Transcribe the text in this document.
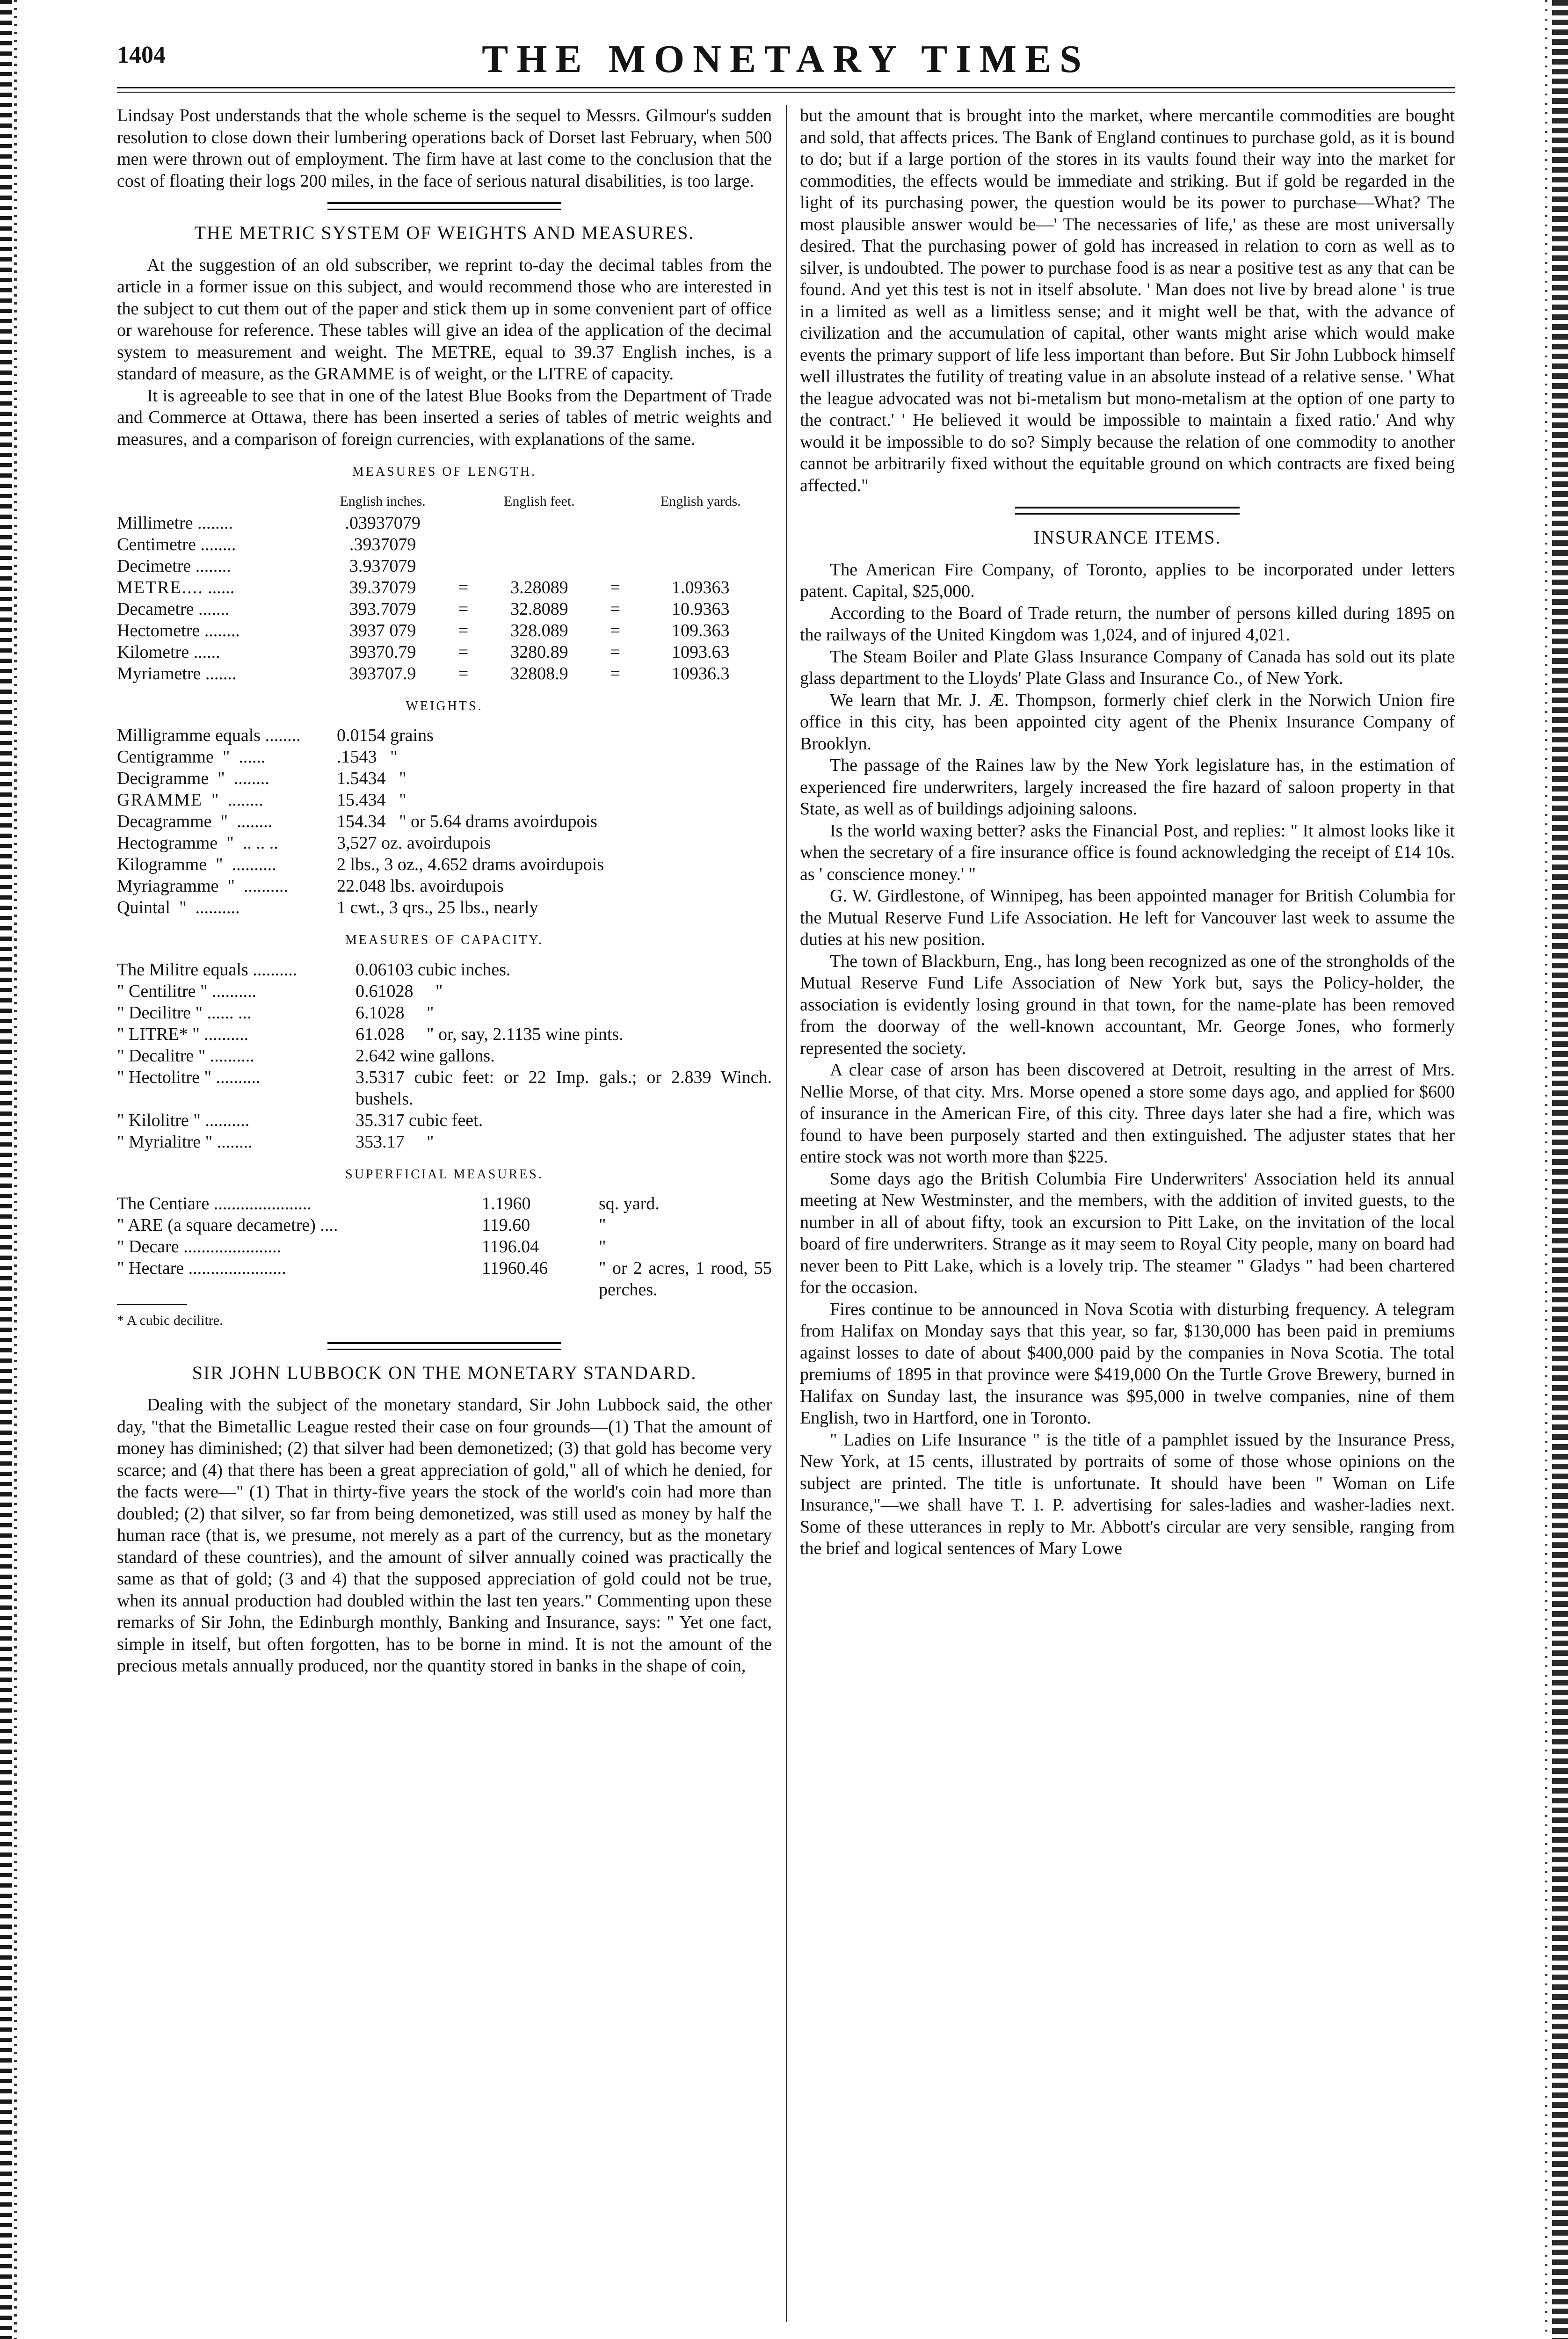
1404	THE MONETARY TIMES

Lindsay Post understands that the whole scheme is the sequel to Messrs. Gilmour's sudden resolution to close down their lumbering operations back of Dorset last February, when 500 men were thrown out of employment. The firm have at last come to the conclusion that the cost of floating their logs 200 miles, in the face of serious natural disabilities, is too large.

THE METRIC SYSTEM OF WEIGHTS AND MEASURES.

At the suggestion of an old subscriber, we reprint to-day the decimal tables from the article in a former issue on this subject, and would recommend those who are interested in the subject to cut them out of the paper and stick them up in some convenient part of office or warehouse for reference. These tables will give an idea of the application of the decimal system to measurement and weight. The METRE, equal to 39.37 English inches, is a standard of measure, as the GRAMME is of weight, or the LITRE of capacity.

It is agreeable to see that in one of the latest Blue Books from the Department of Trade and Commerce at Ottawa, there has been inserted a series of tables of metric weights and measures, and a comparison of foreign currencies, with explanations of the same.

MEASURES OF LENGTH.
	English inches.		English feet.		English yards.
Millimetre ........	.03937079				
Centimetre ........	.3937079				
Decimetre ........	3.937079				
METRE.... ......	39.37079	=	3.28089	=	1.09363
Decametre .......	393.7079	=	32.8089	=	10.9363
Hectometre ........	3937 079	=	328.089	=	109.363
Kilometre ......	39370.79	=	3280.89	=	1093.63
Myriametre .......	393707.9	=	32808.9	=	10936.3
WEIGHTS.
Milligramme equals ........	0.0154 grains
Centigramme " ......	.1543 "
Decigramme " ........	1.5434 "
GRAMME " ........	15.434 "
Decagramme " ........	154.34 " or 5.64 drams avoirdupois
Hectogramme " .. .. ..	3,527 oz. avoirdupois
Kilogramme " ..........	2 lbs., 3 oz., 4.652 drams avoirdupois
Myriagramme " ..........	22.048 lbs. avoirdupois
Quintal " ..........	1 cwt., 3 qrs., 25 lbs., nearly
MEASURES OF CAPACITY.
The Militre equals ..........	0.06103 cubic inches.
" Centilitre " ..........	0.61028 "
" Decilitre " ...... ...	6.1028 "
" LITRE* " ..........	61.028 " or, say, 2.1135 wine pints.
" Decalitre " ..........	2.642 wine gallons.
" Hectolitre " ..........	3.5317 cubic feet: or 22 Imp. gals.; or 2.839 Winch. bushels.
" Kilolitre " ..........	35.317 cubic feet.
" Myrialitre " ........	353.17 "
SUPERFICIAL MEASURES.
The Centiare ......................	1.1960	sq. yard.
" ARE (a square decametre) ....	119.60	"
" Decare ......................	1196.04	"
" Hectare ......................	11960.46	" or 2 acres, 1 rood, 55 perches.
* A cubic decilitre.
SIR JOHN LUBBOCK ON THE MONETARY STANDARD.

Dealing with the subject of the monetary standard, Sir John Lubbock said, the other day, "that the Bimetallic League rested their case on four grounds—(1) That the amount of money has diminished; (2) that silver had been demonetized; (3) that gold has become very scarce; and (4) that there has been a great appreciation of gold," all of which he denied, for the facts were—" (1) That in thirty-five years the stock of the world's coin had more than doubled; (2) that silver, so far from being demonetized, was still used as money by half the human race (that is, we presume, not merely as a part of the currency, but as the monetary standard of these countries), and the amount of silver annually coined was practically the same as that of gold; (3 and 4) that the supposed appreciation of gold could not be true, when its annual production had doubled within the last ten years." Commenting upon these remarks of Sir John, the Edinburgh monthly, Banking and Insurance, says: " Yet one fact, simple in itself, but often forgotten, has to be borne in mind. It is not the amount of the precious metals annually produced, nor the quantity stored in banks in the shape of coin,

but the amount that is brought into the market, where mercantile commodities are bought and sold, that affects prices. The Bank of England continues to purchase gold, as it is bound to do; but if a large portion of the stores in its vaults found their way into the market for commodities, the effects would be immediate and striking. But if gold be regarded in the light of its purchasing power, the question would be its power to purchase—What? The most plausible answer would be—' The necessaries of life,' as these are most universally desired. That the purchasing power of gold has increased in relation to corn as well as to silver, is undoubted. The power to purchase food is as near a positive test as any that can be found. And yet this test is not in itself absolute. ' Man does not live by bread alone ' is true in a limited as well as a limitless sense; and it might well be that, with the advance of civilization and the accumulation of capital, other wants might arise which would make events the primary support of life less important than before. But Sir John Lubbock himself well illustrates the futility of treating value in an absolute instead of a relative sense. ' What the league advocated was not bi-metalism but mono-metalism at the option of one party to the contract.' ' He believed it would be impossible to maintain a fixed ratio.' And why would it be impossible to do so? Simply because the relation of one commodity to another cannot be arbitrarily fixed without the equitable ground on which contracts are fixed being affected."

INSURANCE ITEMS.

The American Fire Company, of Toronto, applies to be incorporated under letters patent. Capital, $25,000.

According to the Board of Trade return, the number of persons killed during 1895 on the railways of the United Kingdom was 1,024, and of injured 4,021.

The Steam Boiler and Plate Glass Insurance Company of Canada has sold out its plate glass department to the Lloyds' Plate Glass and Insurance Co., of New York.

We learn that Mr. J. Æ. Thompson, formerly chief clerk in the Norwich Union fire office in this city, has been appointed city agent of the Phenix Insurance Company of Brooklyn.

The passage of the Raines law by the New York legislature has, in the estimation of experienced fire underwriters, largely increased the fire hazard of saloon property in that State, as well as of buildings adjoining saloons.

Is the world waxing better? asks the Financial Post, and replies: " It almost looks like it when the secretary of a fire insurance office is found acknowledging the receipt of £14 10s. as ' conscience money.' "

G. W. Girdlestone, of Winnipeg, has been appointed manager for British Columbia for the Mutual Reserve Fund Life Association. He left for Vancouver last week to assume the duties at his new position.

The town of Blackburn, Eng., has long been recognized as one of the strongholds of the Mutual Reserve Fund Life Association of New York but, says the Policy-holder, the association is evidently losing ground in that town, for the name-plate has been removed from the doorway of the well-known accountant, Mr. George Jones, who formerly represented the society.

A clear case of arson has been discovered at Detroit, resulting in the arrest of Mrs. Nellie Morse, of that city. Mrs. Morse opened a store some days ago, and applied for $600 of insurance in the American Fire, of this city. Three days later she had a fire, which was found to have been purposely started and then extinguished. The adjuster states that her entire stock was not worth more than $225.

Some days ago the British Columbia Fire Underwriters' Association held its annual meeting at New Westminster, and the members, with the addition of invited guests, to the number in all of about fifty, took an excursion to Pitt Lake, on the invitation of the local board of fire underwriters. Strange as it may seem to Royal City people, many on board had never been to Pitt Lake, which is a lovely trip. The steamer " Gladys " had been chartered for the occasion.

Fires continue to be announced in Nova Scotia with disturbing frequency. A telegram from Halifax on Monday says that this year, so far, $130,000 has been paid in premiums against losses to date of about $400,000 paid by the companies in Nova Scotia. The total premiums of 1895 in that province were $419,000 On the Turtle Grove Brewery, burned in Halifax on Sunday last, the insurance was $95,000 in twelve companies, nine of them English, two in Hartford, one in Toronto.

" Ladies on Life Insurance " is the title of a pamphlet issued by the Insurance Press, New York, at 15 cents, illustrated by portraits of some of those whose opinions on the subject are printed. The title is unfortunate. It should have been " Woman on Life Insurance,"—we shall have T. I. P. advertising for sales-ladies and washer-ladies next. Some of these utterances in reply to Mr. Abbott's circular are very sensible, ranging from the brief and logical sentences of Mary Lowe
